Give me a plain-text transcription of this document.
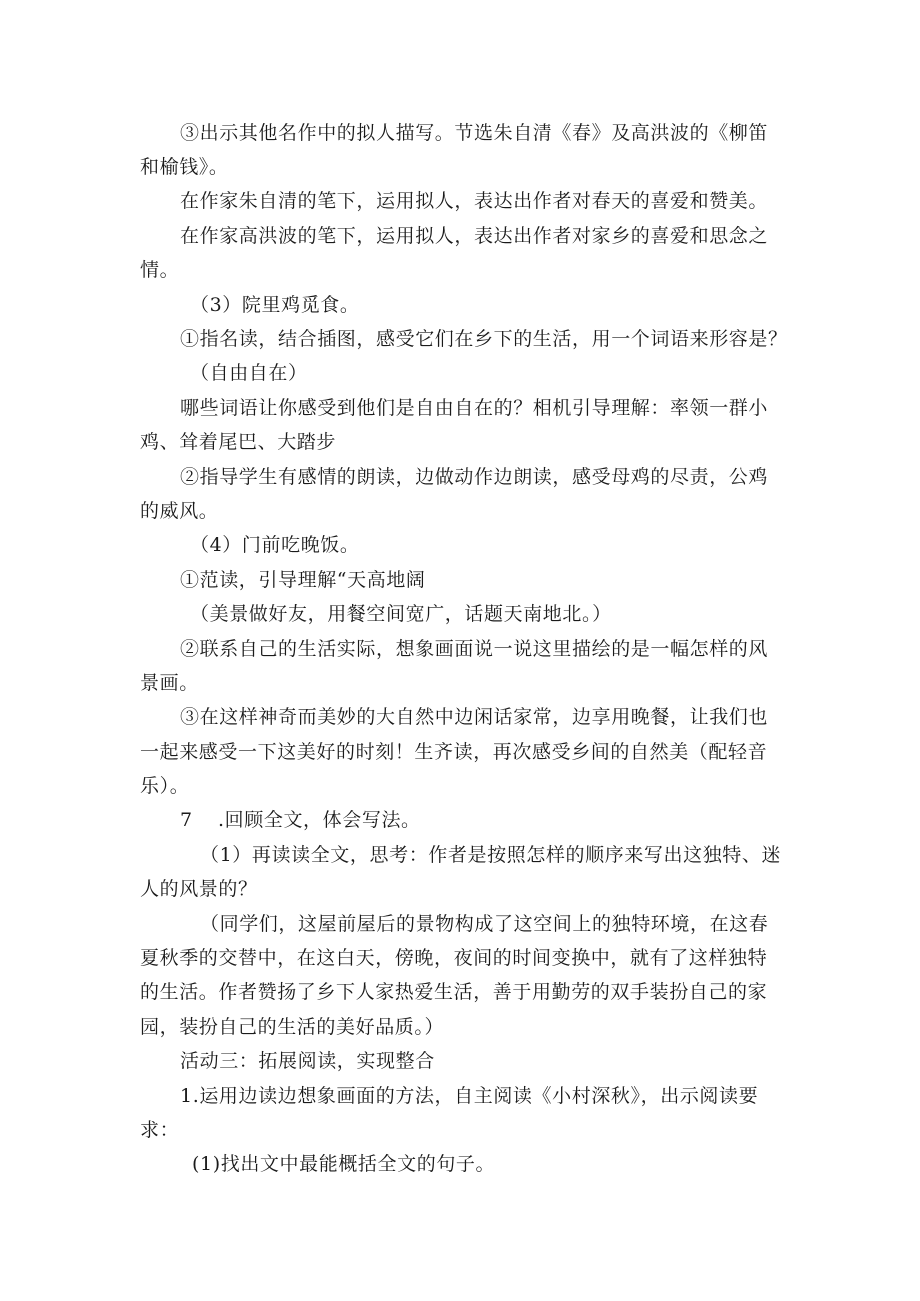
③出示其他名作中的拟人描写。节选朱自清《春》及高洪波的《柳笛
和榆钱》。
在作家朱自清的笔下，运用拟人，表达出作者对春天的喜爱和赞美。
在作家高洪波的笔下，运用拟人，表达出作者对家乡的喜爱和思念之
情。
（3）院里鸡觅食。
①指名读，结合插图，感受它们在乡下的生活，用一个词语来形容是？
（自由自在）
哪些词语让你感受到他们是自由自在的？相机引导理解：率领一群小
鸡、耸着尾巴、大踏步
②指导学生有感情的朗读，边做动作边朗读，感受母鸡的尽责，公鸡
的威风。
（4）门前吃晚饭。
①范读，引导理解“天高地阔
（美景做好友，用餐空间宽广，话题天南地北。）
②联系自己的生活实际，想象画面说一说这里描绘的是一幅怎样的风
景画。
③在这样神奇而美妙的大自然中边闲话家常，边享用晚餐，让我们也
一起来感受一下这美好的时刻！生齐读，再次感受乡间的自然美（配轻音
乐）。
7 .回顾全文，体会写法。
（1）再读读全文，思考：作者是按照怎样的顺序来写出这独特、迷
人的风景的？
（同学们，这屋前屋后的景物构成了这空间上的独特环境，在这春
夏秋季的交替中，在这白天，傍晚，夜间的时间变换中，就有了这样独特
的生活。作者赞扬了乡下人家热爱生活，善于用勤劳的双手装扮自己的家
园，装扮自己的生活的美好品质。）
活动三：拓展阅读，实现整合
1.运用边读边想象画面的方法，自主阅读《小村深秋》，出示阅读要
求：
(1)找出文中最能概括全文的句子。
